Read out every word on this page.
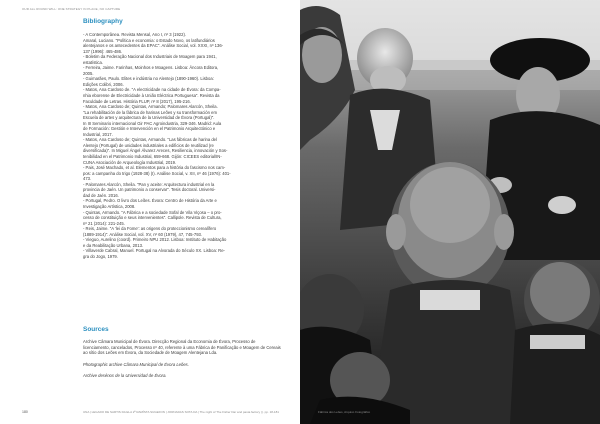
OUR ALL ROUND WILL: ONE STRATEGY IN PLACE, NO CAPTURE
Bibliography
- A Contemporânea. Revista Mensal, Ano I, nº 3 (1922).
Amaral, Luciano. "Política e economia: o Estado Novo, os latifundiários
alentejanos e os antecedentes da EPAC". Análise Social, vol. XXXI, nº 136-
137 (1996): 465-486.
- Boletim da Federação Nacional dos Industriais de Moagem para 1941,
estatística.
- Ferreira, Jaime. Farinhas, Moinhos e Moagens. Lisboa: Âncora Editora,
2005.
- Guimarães, Paulo. Elites e indústria no Alentejo (1890-1960). Lisboa:
Edições Colibri, 2006.
- Matos, Ana Cardoso de. "A electricidade na cidade de Évora: da Compa-
nhia eborense de Electricidade à União Eléctrica Portuguesa". Revista da
Faculdade de Letras. História FLUP, nº 8 (2017), 195-216.
- Matos, Ana Cardoso de; Quintas, Armando; Palomares Alarcón, Sheila.
"La rehabilitación de la fábrica de harinas Leões y su transformación em
Escuela de artes y arquitectura de la Universidad de Évora (Portugal)".
In III Seminario internacional Gir PAC Agroindustria, 329-346. Madrid: Aula
de Formación: Gestión e Intervención en el Patrimonio Arquitectónico e
Industrial, 2017.
- Matos, Ana Cardoso de; Quintas, Armando. "Las fábricas de harina del
Alentejo (Portugal) de unidades industriales a edificios de reutilizad (re
diversificada)". In Miguel Ángel Álvarez Areces, Resiliencia, innovación y Sos-
tenibilidad en el Patrimonio Industrial, 659-668. Gijón: CICEES editorial/IN-
CUNA Asociación de Arqueología Industrial, 2019.
- Pais, José Machado, et al. Elementos para a história do fascismo nos cam-
pos: a campanha do trigo (1928-38) (I). Análise Social, v. XII, nº 46 (1976): 401-
473.
- Palomares Alarcón, Sheila. "Pan y aceite: Arquitectura industrial en la
provincia de Jaén. Un patrimonio a conservar". Tesis doctoral. Universi-
dad de Jaén. 2016.
- Portugal, Pedro. O livro dos Leões. Évora: Centro de História da Arte e
Investigação Artística, 2008.
- Quintas, Armando. "A Fábrica e a sociedade Sofal de Vila Viçosa – o pro-
cesso de constituição e seus intervenientes". Callipole. Revista de Cultura,
nº 21 (2014): 221-245.
- Reis, Jaime. "A 'lei da Fome': as origens do proteccionismo cerealífero
(1889-1914)". Análise Social, vol. XV, nº 60 (1979), 47, 745-793.
- Vieguo, Aurelino (coord). Primeiro NPU 2012. Lisboa: Instituto de Habitação
e da Reabilitação Urbana, 2013.
- Villaverde Cabral, Manuel. Portugal na Alvorada do Século XX. Lisboa: Re-
gra do Jogo, 1979.
Sources

Archive Câmara Municipal de Évora. Direcção Regional da Economia de Évora, Processo de licenciamento, cancelados, Processo nº 40, referente à uma Fábrica de Panificação e Moagem de Cereais ao sítio dos Leões em Évora, da Sociedade de Moagem Alentejana Lda.

Photographic archive Câmara Municipal de Évora Leões.

Archive desénos de la Universidad de Évora.

180	UNA | LEGADO DE SARTIS DA ELA 2ª RAMÍSTA SUGEFON | JORNADAS SOTA DA | The night of The Fisher Dar and pasta factory (). pp. 18-181	Fábrica dos Leões, Arquivo Fotográfico
